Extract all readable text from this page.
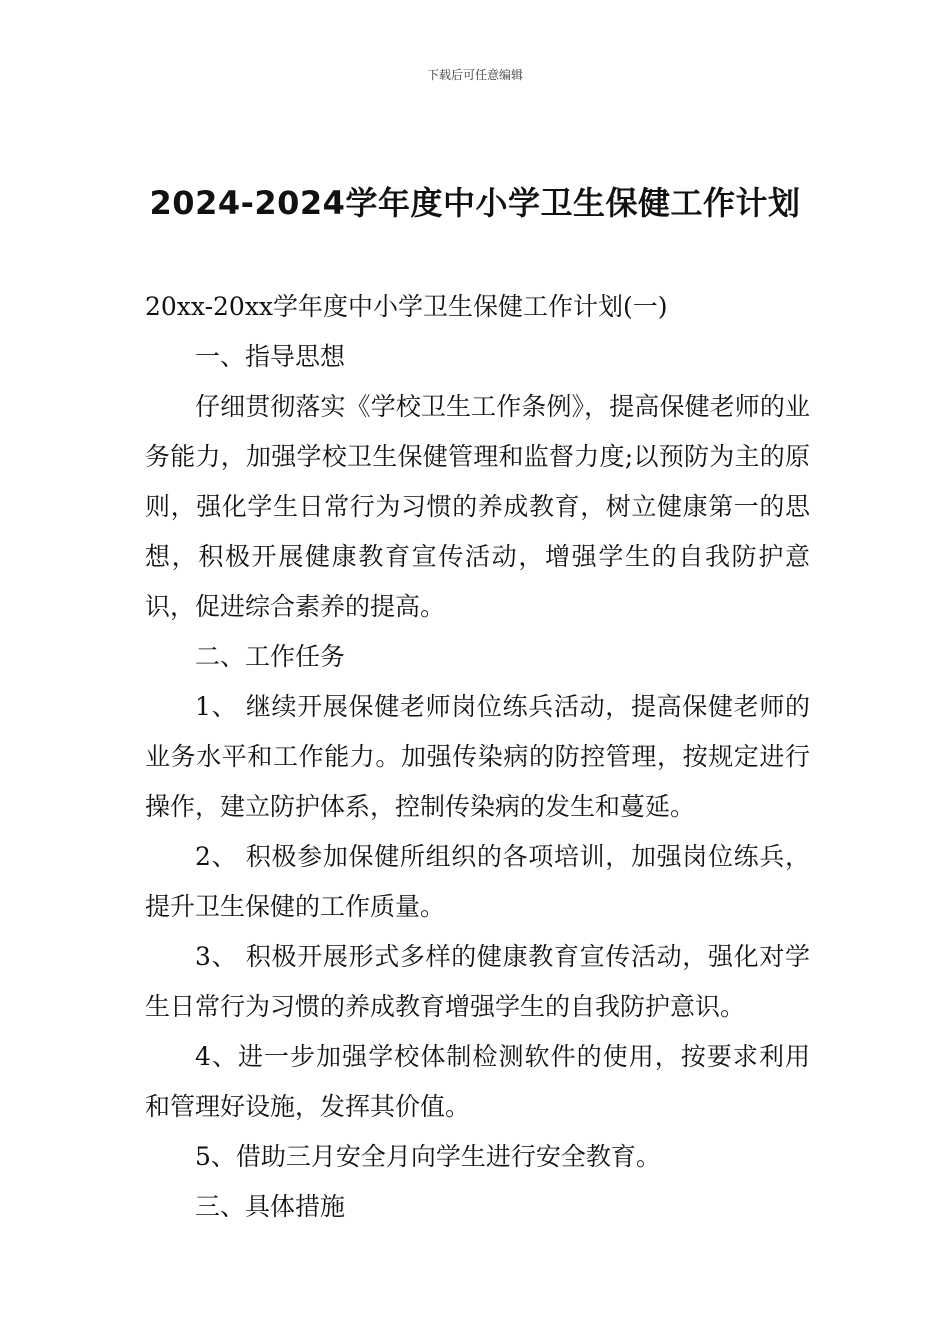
下载后可任意编辑
2024-2024学年度中小学卫生保健工作计划

20xx-20xx学年度中小学卫生保健工作计划(一)

一、指导思想

仔细贯彻落实《学校卫生工作条例》，提高保健老师的业务能力，加强学校卫生保健管理和监督力度;以预防为主的原则，强化学生日常行为习惯的养成教育，树立健康第一的思想，积极开展健康教育宣传活动，增强学生的自我防护意识，促进综合素养的提高。

二、工作任务

1、 继续开展保健老师岗位练兵活动，提高保健老师的业务水平和工作能力。加强传染病的防控管理，按规定进行操作，建立防护体系，控制传染病的发生和蔓延。

2、 积极参加保健所组织的各项培训，加强岗位练兵，提升卫生保健的工作质量。

3、 积极开展形式多样的健康教育宣传活动，强化对学生日常行为习惯的养成教育增强学生的自我防护意识。

4、进一步加强学校体制检测软件的使用，按要求利用和管理好设施，发挥其价值。

5、借助三月安全月向学生进行安全教育。

三、具体措施
